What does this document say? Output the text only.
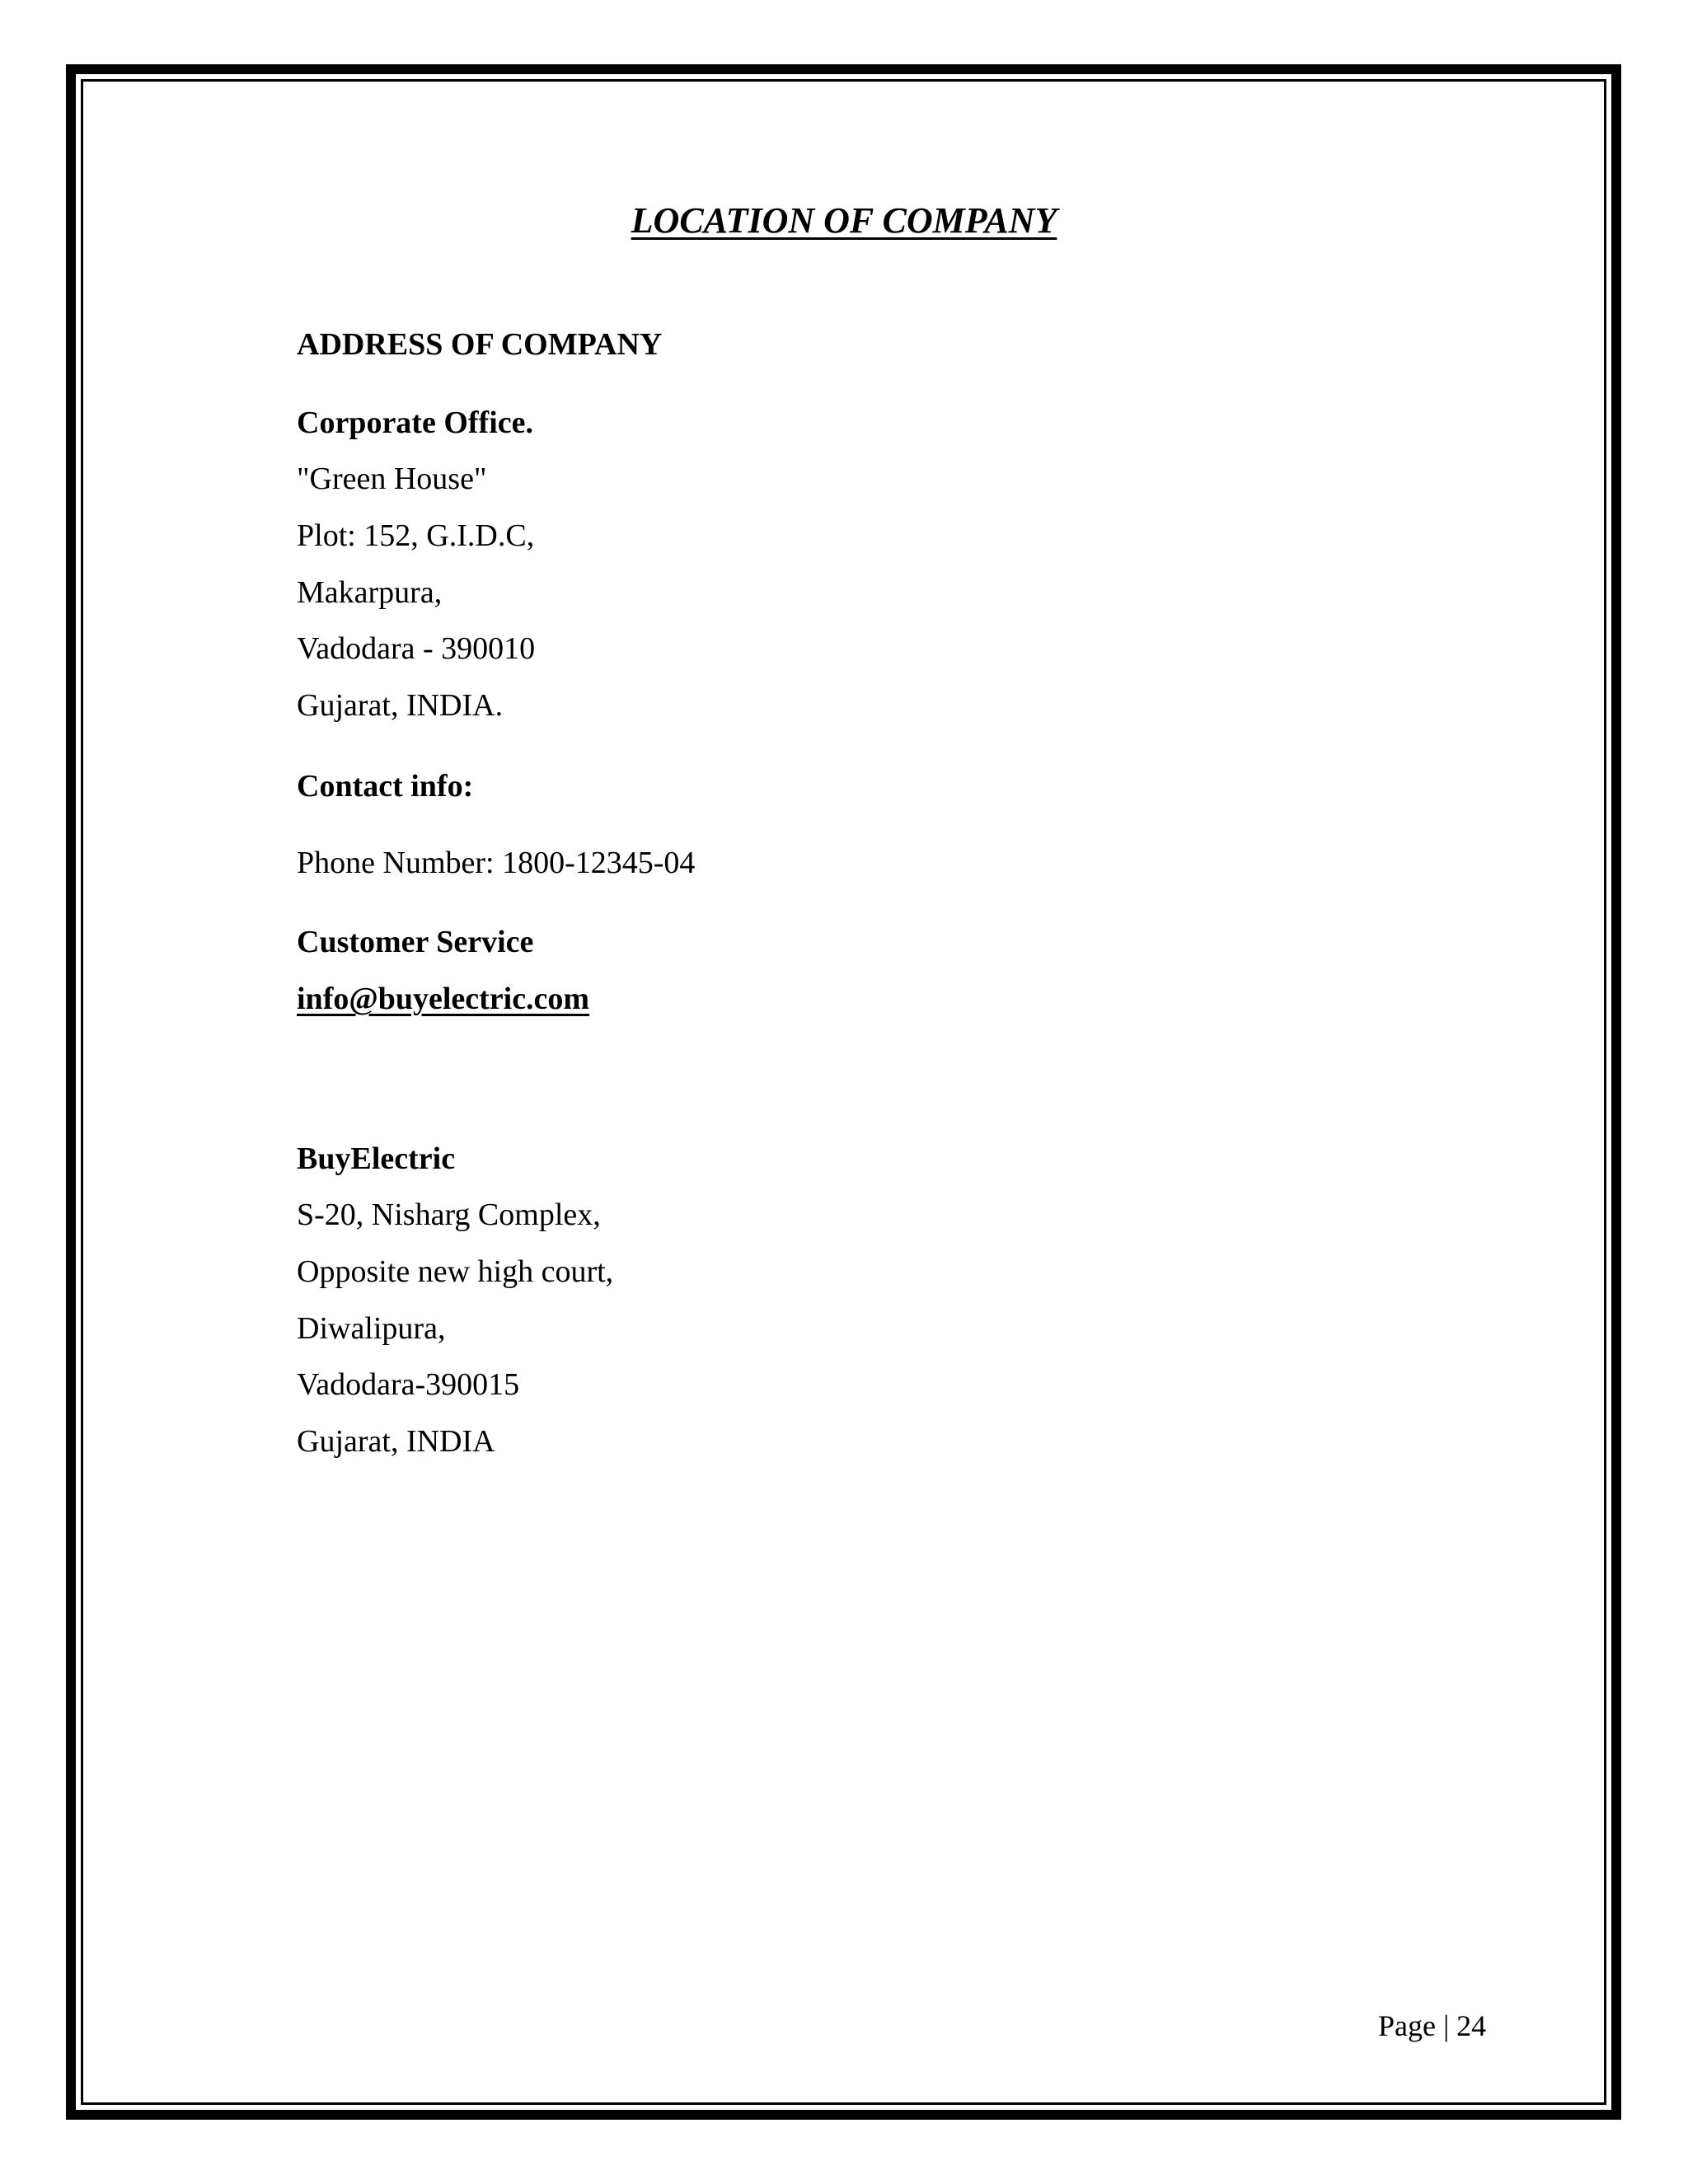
LOCATION OF COMPANY
ADDRESS OF COMPANY
Corporate Office.
"Green House"
Plot: 152, G.I.D.C,
Makarpura,
Vadodara - 390010
Gujarat, INDIA.
Contact info:
Phone Number: 1800-12345-04
Customer Service
info@buyelectric.com
BuyElectric
S-20, Nisharg Complex,
Opposite new high court,
Diwalipura,
Vadodara-390015
Gujarat, INDIA
Page | 24
